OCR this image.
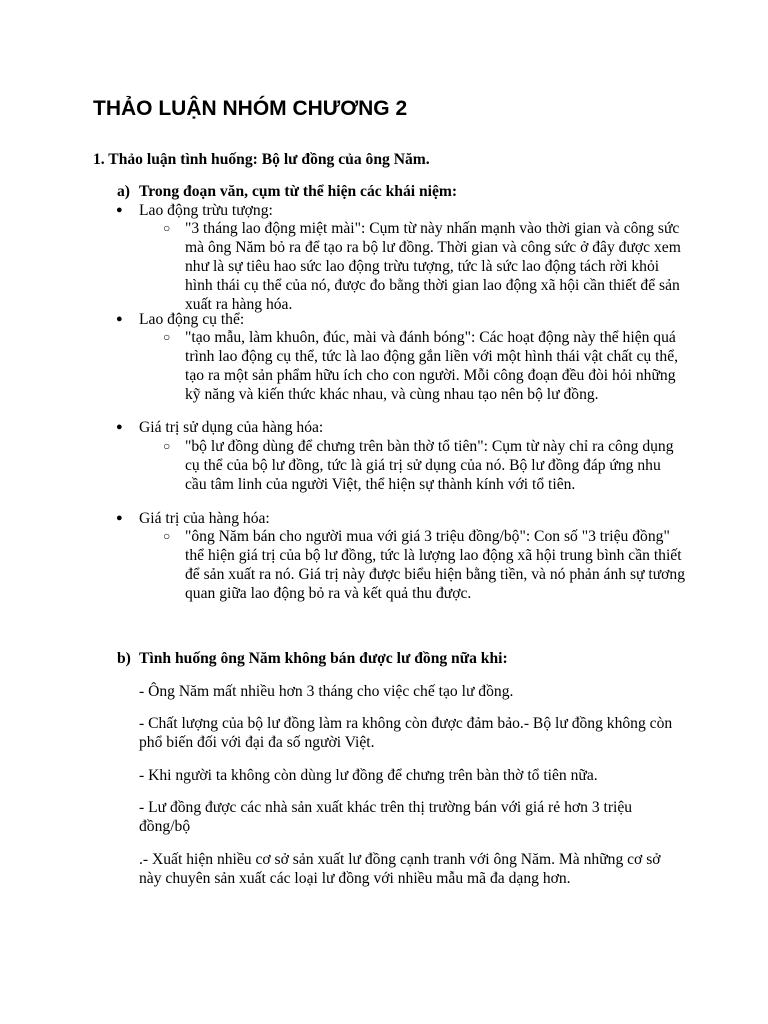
THẢO LUẬN NHÓM CHƯƠNG 2
1. Thảo luận tình huống: Bộ lư đồng của ông Năm.
a) Trong đoạn văn, cụm từ thể hiện các khái niệm:
● Lao động trừu tượng:
○ "3 tháng lao động miệt mài": Cụm từ này nhấn mạnh vào thời gian và công sức mà ông Năm bỏ ra để tạo ra bộ lư đồng. Thời gian và công sức ở đây được xem như là sự tiêu hao sức lao động trừu tượng, tức là sức lao động tách rời khỏi hình thái cụ thể của nó, được đo bằng thời gian lao động xã hội cần thiết để sản xuất ra hàng hóa.
● Lao động cụ thể:
○ "tạo mẫu, làm khuôn, đúc, mài và đánh bóng": Các hoạt động này thể hiện quá trình lao động cụ thể, tức là lao động gắn liền với một hình thái vật chất cụ thể, tạo ra một sản phẩm hữu ích cho con người. Mỗi công đoạn đều đòi hỏi những kỹ năng và kiến thức khác nhau, và cùng nhau tạo nên bộ lư đồng.
● Giá trị sử dụng của hàng hóa:
○ "bộ lư đồng dùng để chưng trên bàn thờ tổ tiên": Cụm từ này chỉ ra công dụng cụ thể của bộ lư đồng, tức là giá trị sử dụng của nó. Bộ lư đồng đáp ứng nhu cầu tâm linh của người Việt, thể hiện sự thành kính với tổ tiên.
● Giá trị của hàng hóa:
○ "ông Năm bán cho người mua với giá 3 triệu đồng/bộ": Con số "3 triệu đồng" thể hiện giá trị của bộ lư đồng, tức là lượng lao động xã hội trung bình cần thiết để sản xuất ra nó. Giá trị này được biểu hiện bằng tiền, và nó phản ánh sự tương quan giữa lao động bỏ ra và kết quả thu được.
b) Tình huống ông Năm không bán được lư đồng nữa khi:
- Ông Năm mất nhiều hơn 3 tháng cho việc chế tạo lư đồng.
- Chất lượng của bộ lư đồng làm ra không còn được đảm bảo.- Bộ lư đồng không còn phổ biến đối với đại đa số người Việt.
- Khi người ta không còn dùng lư đồng để chưng trên bàn thờ tổ tiên nữa.
- Lư đồng được các nhà sản xuất khác trên thị trường bán với giá rẻ hơn 3 triệu đồng/bộ
.- Xuất hiện nhiều cơ sở sản xuất lư đồng cạnh tranh với ông Năm. Mà những cơ sở này chuyên sản xuất các loại lư đồng với nhiều mẫu mã đa dạng hơn.
